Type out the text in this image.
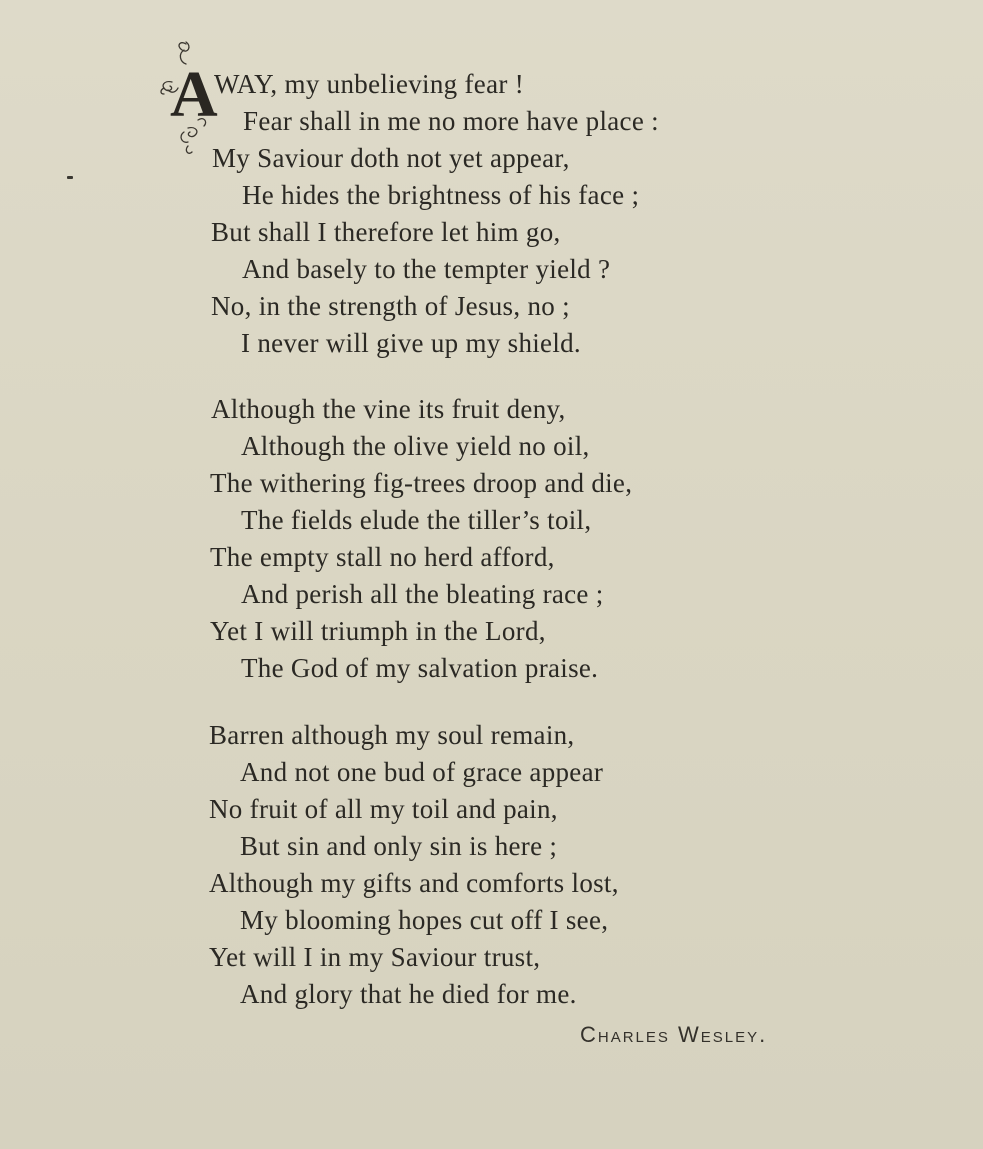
A
WAY, my unbelieving fear !
Fear shall in me no more have place :
My Saviour doth not yet appear,
He hides the brightness of his face ;
But shall I therefore let him go,
And basely to the tempter yield ?
No, in the strength of Jesus, no ;
I never will give up my shield.
Although the vine its fruit deny,
Although the olive yield no oil,
The withering fig-trees droop and die,
The fields elude the tiller’s toil,
The empty stall no herd afford,
And perish all the bleating race ;
Yet I will triumph in the Lord,
The God of my salvation praise.
Barren although my soul remain,
And not one bud of grace appear
No fruit of all my toil and pain,
But sin and only sin is here ;
Although my gifts and comforts lost,
My blooming hopes cut off I see,
Yet will I in my Saviour trust,
And glory that he died for me.
Charles Wesley.
